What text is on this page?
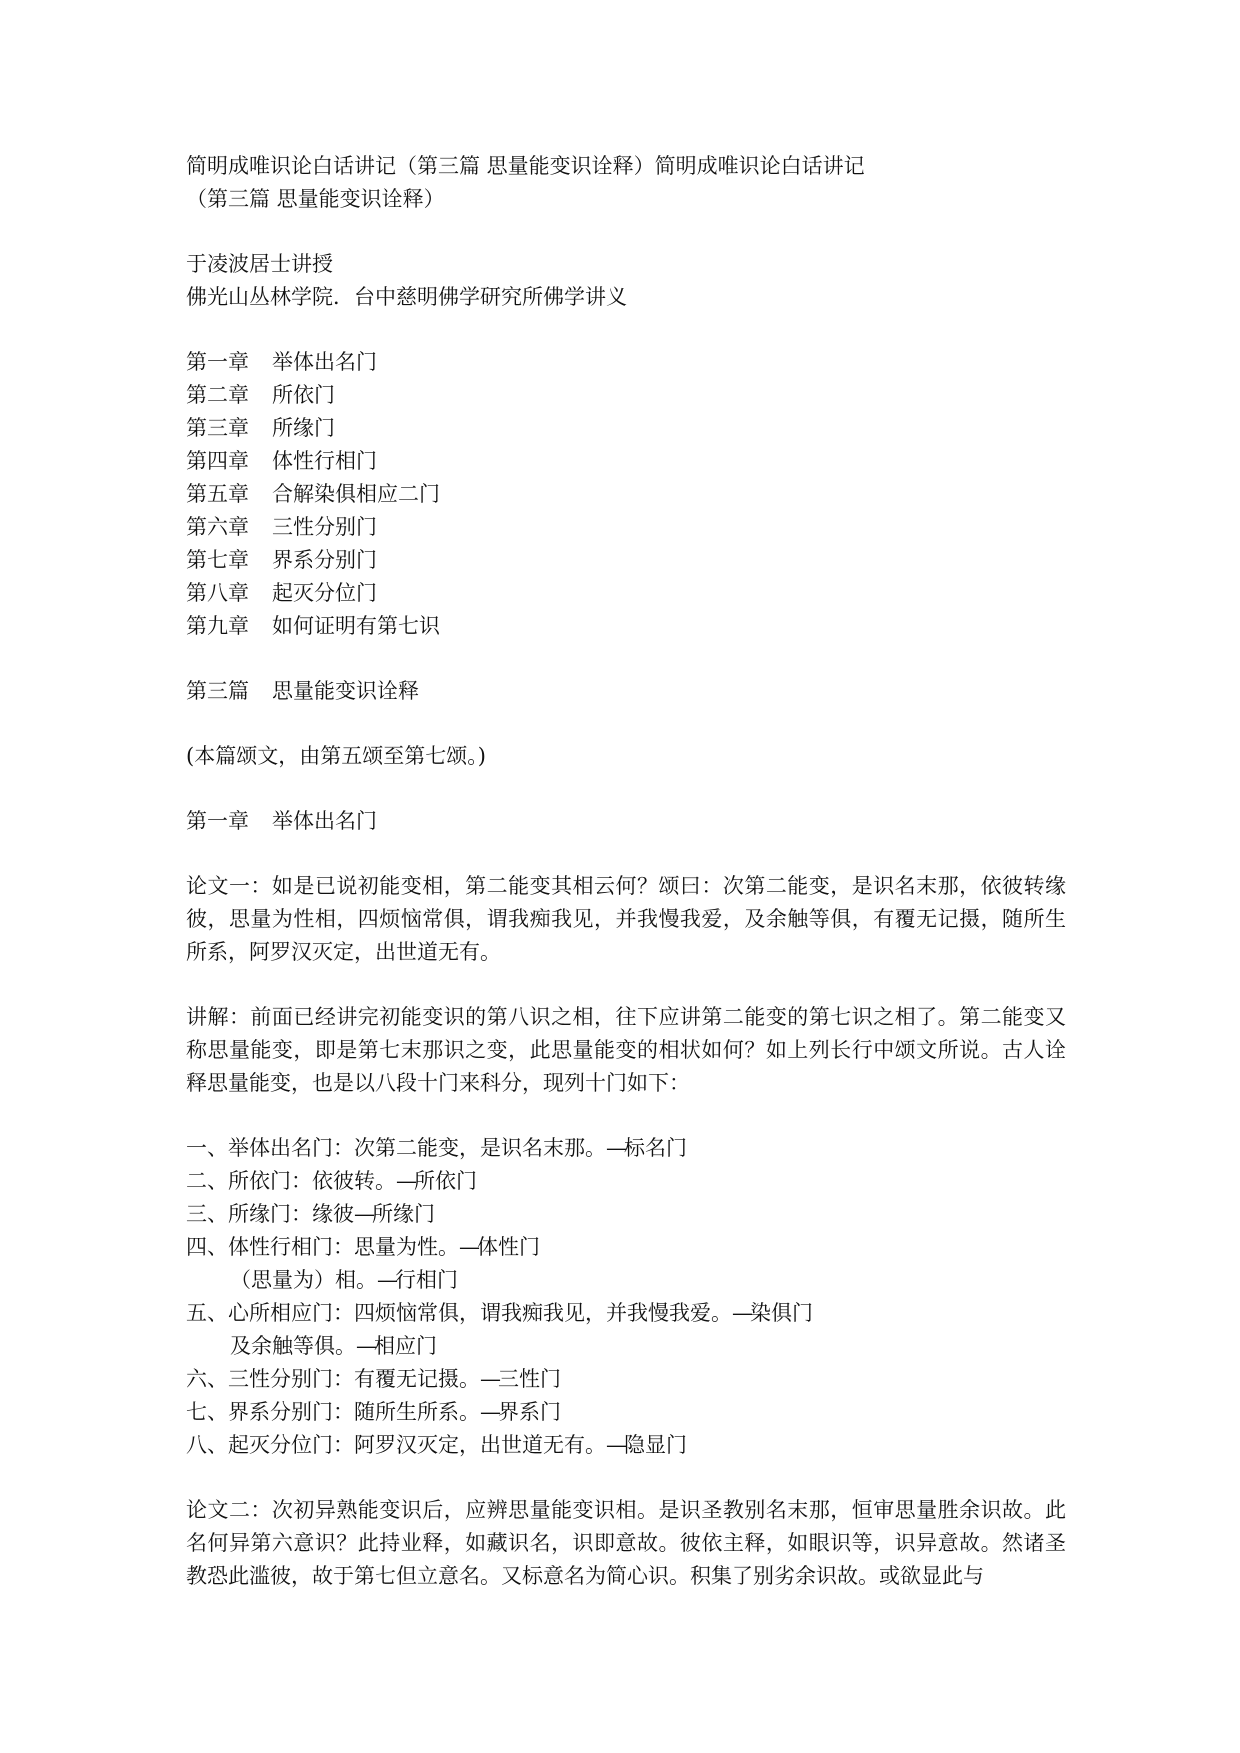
简明成唯识论白话讲记（第三篇 思量能变识诠释）简明成唯识论白话讲记
（第三篇 思量能变识诠释）
于凌波居士讲授
佛光山丛林学院．台中慈明佛学研究所佛学讲义
第一章 举体出名门
第二章 所依门
第三章 所缘门
第四章 体性行相门
第五章 合解染俱相应二门
第六章 三性分别门
第七章 界系分别门
第八章 起灭分位门
第九章 如何证明有第七识
第三篇 思量能变识诠释
(本篇颂文，由第五颂至第七颂。)
第一章 举体出名门
论文一：如是已说初能变相，第二能变其相云何？颂曰：次第二能变，是识名末那，依彼转缘彼，思量为性相，四烦恼常俱，谓我痴我见，并我慢我爱，及余触等俱，有覆无记摄，随所生所系，阿罗汉灭定，出世道无有。
讲解：前面已经讲完初能变识的第八识之相，往下应讲第二能变的第七识之相了。第二能变又称思量能变，即是第七末那识之变，此思量能变的相状如何？如上列长行中颂文所说。古人诠释思量能变，也是以八段十门来科分，现列十门如下：
一、举体出名门：次第二能变，是识名末那。—标名门
二、所依门：依彼转。—所依门
三、所缘门：缘彼—所缘门
四、体性行相门：思量为性。—体性门
（思量为）相。—行相门
五、心所相应门：四烦恼常俱，谓我痴我见，并我慢我爱。—染俱门
及余触等俱。—相应门
六、三性分别门：有覆无记摄。—三性门
七、界系分别门：随所生所系。—界系门
八、起灭分位门：阿罗汉灭定，出世道无有。—隐显门
论文二：次初异熟能变识后，应辨思量能变识相。是识圣教别名末那，恒审思量胜余识故。此名何异第六意识？此持业释，如藏识名，识即意故。彼依主释，如眼识等，识异意故。然诸圣教恐此滥彼，故于第七但立意名。又标意名为简心识。积集了别劣余识故。或欲显此与
